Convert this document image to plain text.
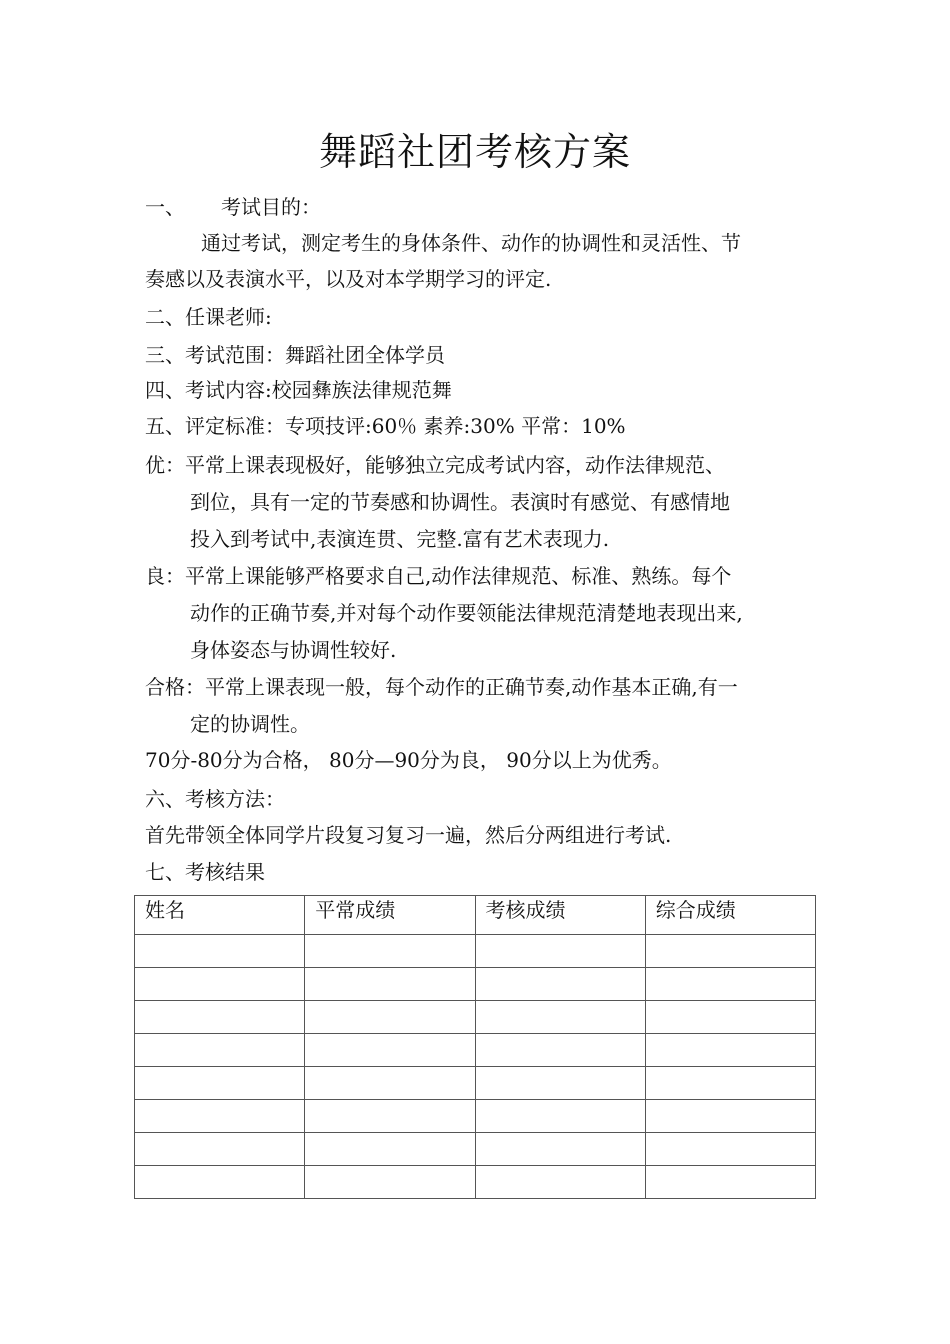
舞蹈社团考核方案
一、 考试目的：
通过考试，测定考生的身体条件、动作的协调性和灵活性、节
奏感以及表演水平，以及对本学期学习的评定.
二、任课老师:
三、考试范围：舞蹈社团全体学员
四、考试内容:校园彝族法律规范舞
五、评定标准：专项技评:60％ 素养:30% 平常：10%
优：平常上课表现极好，能够独立完成考试内容，动作法律规范、
到位，具有一定的节奏感和协调性。表演时有感觉、有感情地
投入到考试中,表演连贯、完整.富有艺术表现力.
良：平常上课能够严格要求自己,动作法律规范、标准、熟练。每个
动作的正确节奏,并对每个动作要领能法律规范清楚地表现出来,
身体姿态与协调性较好.
合格：平常上课表现一般，每个动作的正确节奏,动作基本正确,有一
定的协调性。
70分-80分为合格， 80分—90分为良， 90分以上为优秀。
六、考核方法：
首先带领全体同学片段复习复习一遍，然后分两组进行考试.
七、考核结果
姓名	平常成绩	考核成绩	综合成绩
